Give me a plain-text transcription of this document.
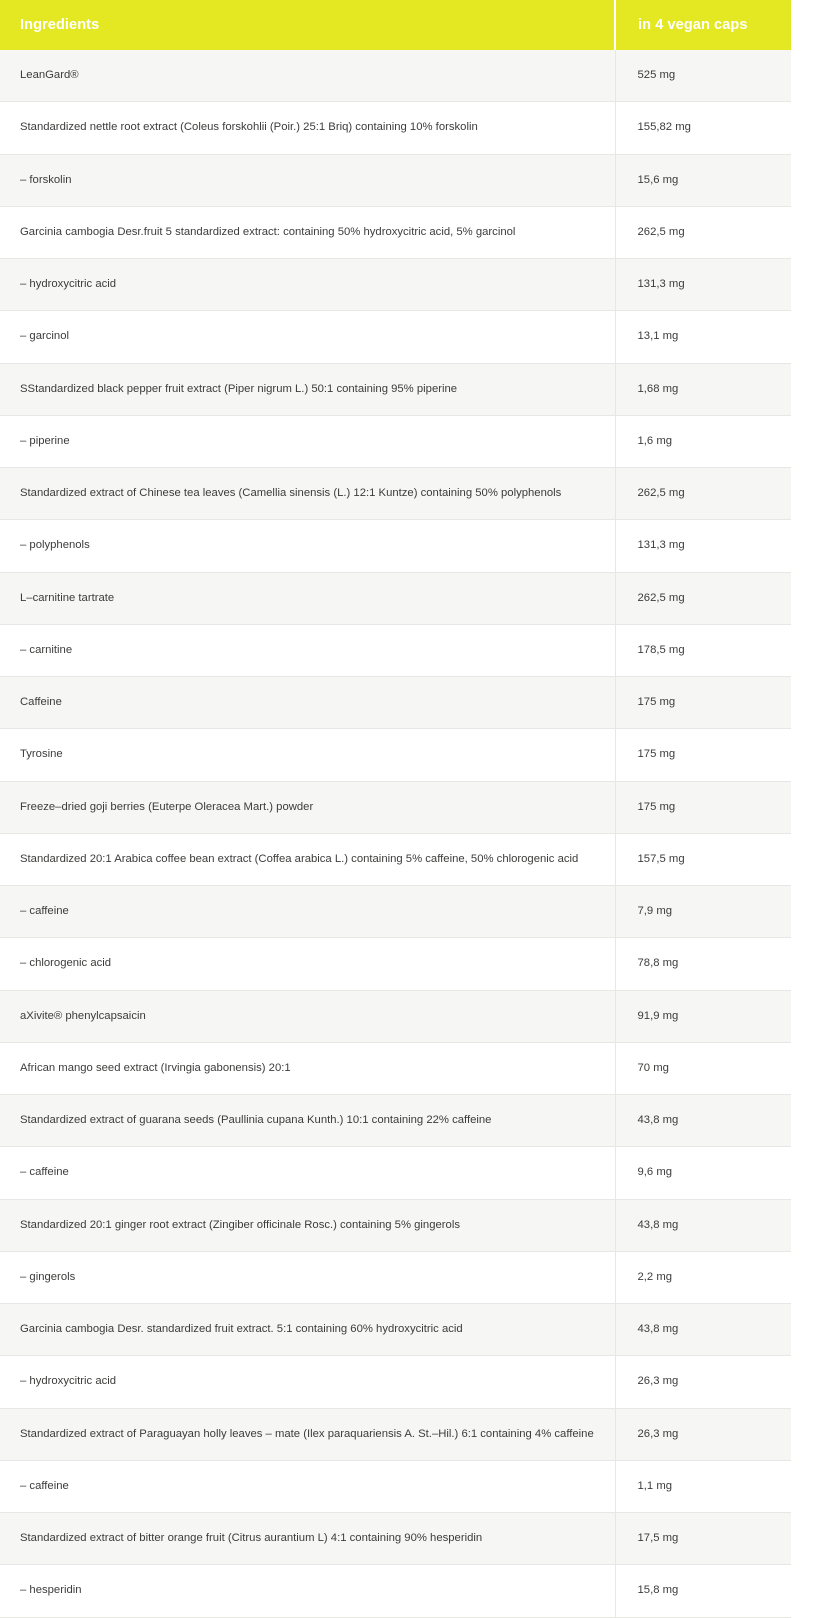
Ingredients	in 4 vegan caps
LeanGard®	525 mg
Standardized nettle root extract (Coleus forskohlii (Poir.) 25:1 Briq) containing 10% forskolin	155,82 mg
– forskolin	15,6 mg
Garcinia cambogia Desr.fruit 5 standardized extract: containing 50% hydroxycitric acid, 5% garcinol	262,5 mg
– hydroxycitric acid	131,3 mg
– garcinol	13,1 mg
SStandardized black pepper fruit extract (Piper nigrum L.) 50:1 containing 95% piperine	1,68 mg
– piperine	1,6 mg
Standardized extract of Chinese tea leaves (Camellia sinensis (L.) 12:1 Kuntze) containing 50% polyphenols	262,5 mg
– polyphenols	131,3 mg
L–carnitine tartrate	262,5 mg
– carnitine	178,5 mg
Caffeine	175 mg
Tyrosine	175 mg
Freeze–dried goji berries (Euterpe Oleracea Mart.) powder	175 mg
Standardized 20:1 Arabica coffee bean extract (Coffea arabica L.) containing 5% caffeine, 50% chlorogenic acid	157,5 mg
– caffeine	7,9 mg
– chlorogenic acid	78,8 mg
aXivite® phenylcapsaicin	91,9 mg
African mango seed extract (Irvingia gabonensis) 20:1	70 mg
Standardized extract of guarana seeds (Paullinia cupana Kunth.) 10:1 containing 22% caffeine	43,8 mg
– caffeine	9,6 mg
Standardized 20:1 ginger root extract (Zingiber officinale Rosc.) containing 5% gingerols	43,8 mg
– gingerols	2,2 mg
Garcinia cambogia Desr. standardized fruit extract. 5:1 containing 60% hydroxycitric acid	43,8 mg
– hydroxycitric acid	26,3 mg
Standardized extract of Paraguayan holly leaves – mate (Ilex paraquariensis A. St.–Hil.) 6:1 containing 4% caffeine	26,3 mg
– caffeine	1,1 mg
Standardized extract of bitter orange fruit (Citrus aurantium L) 4:1 containing 90% hesperidin	17,5 mg
– hesperidin	15,8 mg
